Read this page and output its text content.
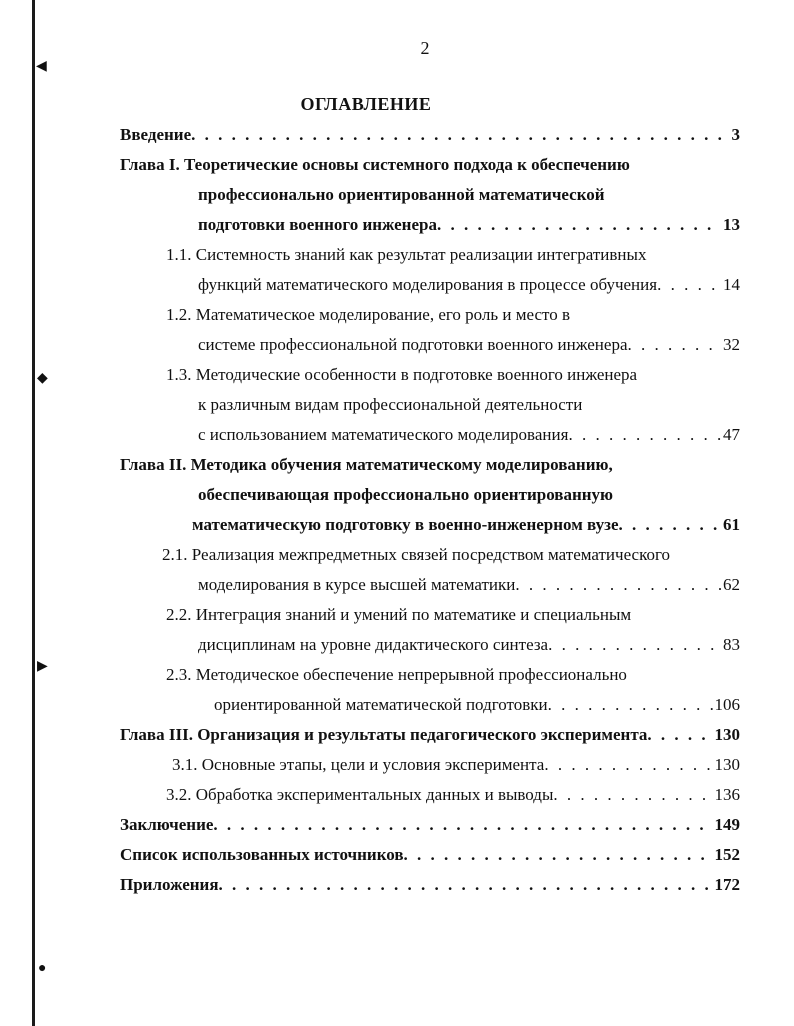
◀
◆
▶
●
2
ОГЛАВЛЕНИЕ
Введение . . .	3
Глава I. Теоретические основы системного подхода к обеспечению
профессионально ориентированной математической
подготовки военного инженера . . .	13
1.1. Системность знаний как результат реализации интегративных
функций математического моделирования в процессе обучения . . .	14
1.2. Математическое моделирование, его роль и место в
системе профессиональной подготовки военного инженера . . .	32
1.3. Методические особенности в подготовке военного инженера
к различным видам профессиональной деятельности
с использованием математического моделирования . . .	47
Глава II. Методика обучения математическому моделированию,
обеспечивающая профессионально ориентированную
математическую подготовку в военно-инженерном вузе . . .	61
2.1. Реализация межпредметных связей посредством математического
моделирования в курсе высшей математики . . .	62
2.2. Интеграция знаний и умений по математике и специальным
дисциплинам на уровне дидактического синтеза . . .	83
2.3. Методическое обеспечение непрерывной профессионально
ориентированной математической подготовки . . .	106
Глава III. Организация и результаты педагогического эксперимента . . .	130
3.1. Основные этапы, цели и условия эксперимента . . .	130
3.2. Обработка экспериментальных данных и выводы . . .	136
Заключение . . .	149
Список использованных источников . . .	152
Приложения . . .	172
